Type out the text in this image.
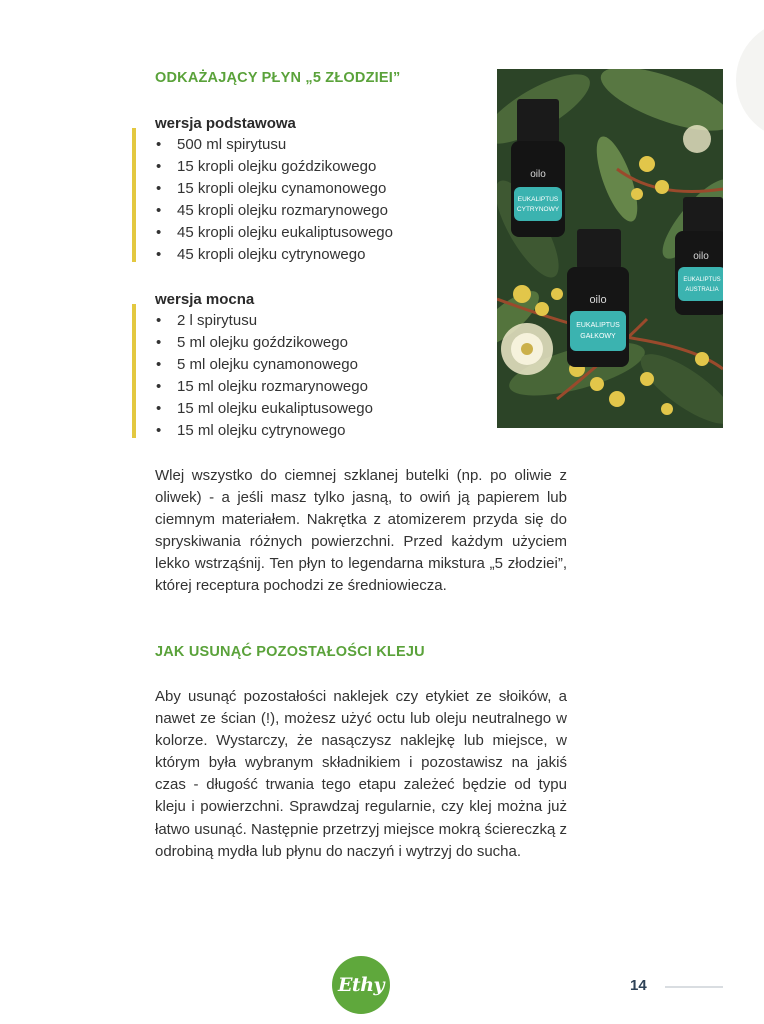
ODKAŻAJĄCY PŁYN „5 ZŁODZIEI”

wersja podstawowa

• 500 ml spirytusu
• 15 kropli olejku goździkowego
• 15 kropli olejku cynamonowego
• 45 kropli olejku rozmarynowego
• 45 kropli olejku eukaliptusowego
• 45 kropli olejku cytrynowego

wersja mocna

• 2 l spirytusu
• 5 ml olejku goździkowego
• 5 ml olejku cynamonowego
• 15 ml olejku rozmarynowego
• 15 ml olejku eukaliptusowego
• 15 ml olejku cytrynowego

Wlej wszystko do ciemnej szklanej butelki (np. po oliwie z oliwek) - a jeśli masz tylko jasną, to owiń ją papierem lub ciemnym materiałem. Nakrętka z atomizerem przyda się do spryskiwania różnych powierzchni. Przed każdym użyciem lekko wstrząśnij. Ten płyn to legendarna mikstura „5 złodziei”, której receptura pochodzi ze średniowiecza.

JAK USUNĄĆ POZOSTAŁOŚCI KLEJU

Aby usunąć pozostałości naklejek czy etykiet ze słoików, a nawet ze ścian (!), możesz użyć octu lub oleju neutralnego w kolorze. Wystarczy, że nasączysz naklejkę lub miejsce, w którym była wybranym składnikiem i pozostawisz na jakiś czas - długość trwania tego etapu zależeć będzie od typu kleju i powierzchni. Sprawdzaj regularnie, czy klej można już łatwo usunąć. Następnie przetrzyj miejsce mokrą ściereczką z odrobiną mydła lub płynu do naczyń i wytrzyj do sucha.

oilo
EUKALIPTUS
CYTRYNOWY
oilo
EUKALIPTUS
GAŁKOWY
oilo
EUKALIPTUS
AUSTRALIA
Ethy	14
